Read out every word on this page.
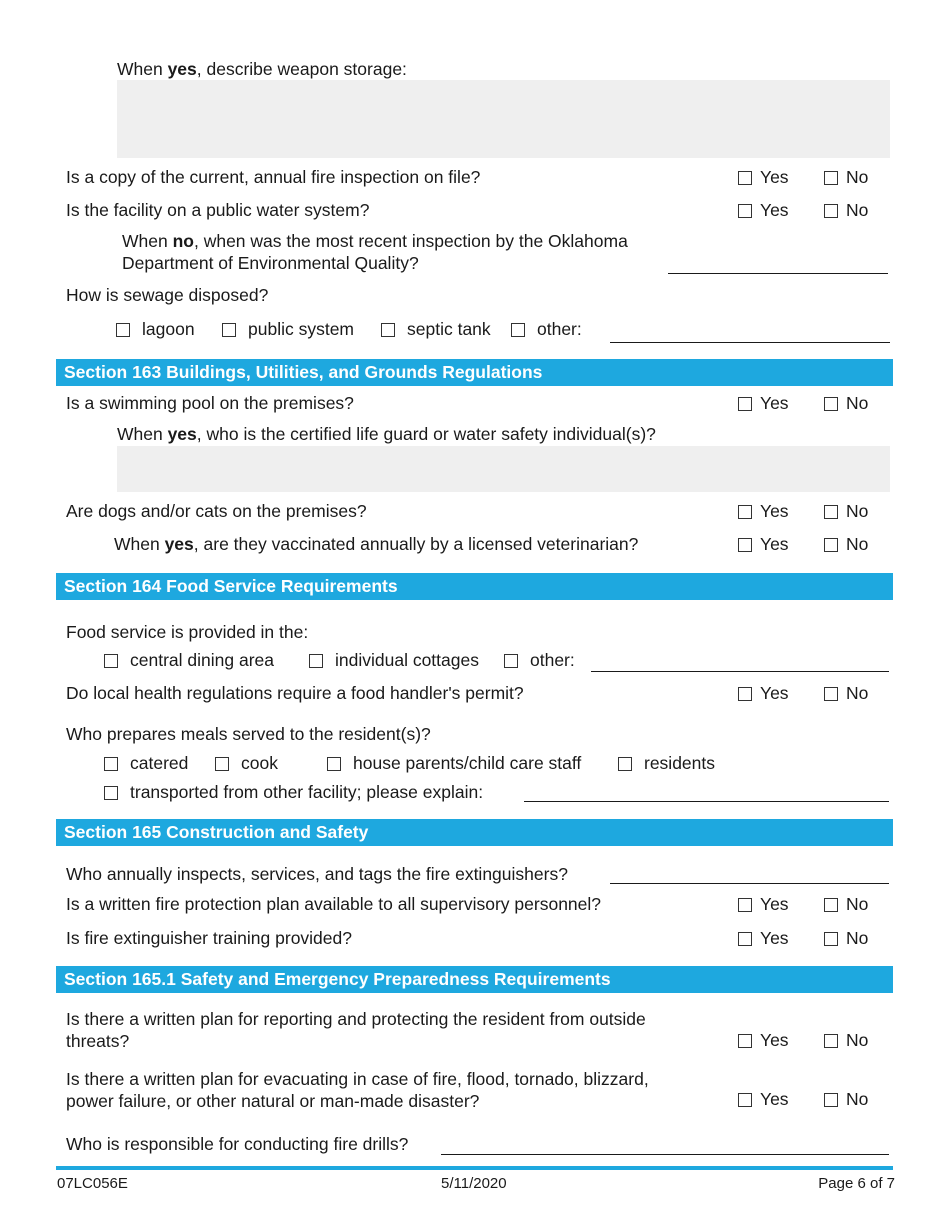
When yes, describe weapon storage:
Is a copy of the current, annual fire inspection on file?	Yes	No
Is the facility on a public water system?	Yes	No
When no, when was the most recent inspection by the Oklahoma
Department of Environmental Quality?
How is sewage disposed?
lagoon	public system	septic tank	other:
Section 163 Buildings, Utilities, and Grounds Regulations
Is a swimming pool on the premises?	Yes	No
When yes, who is the certified life guard or water safety individual(s)?
Are dogs and/or cats on the premises?	Yes	No
When yes, are they vaccinated annually by a licensed veterinarian?	Yes	No
Section 164 Food Service Requirements
Food service is provided in the:
central dining area	individual cottages	other:
Do local health regulations require a food handler's permit?	Yes	No
Who prepares meals served to the resident(s)?
catered	cook	house parents/child care staff	residents
transported from other facility; please explain:
Section 165 Construction and Safety
Who annually inspects, services, and tags the fire extinguishers?
Is a written fire protection plan available to all supervisory personnel?	Yes	No
Is fire extinguisher training provided?	Yes	No
Section 165.1 Safety and Emergency Preparedness Requirements
Is there a written plan for reporting and protecting the resident from outside
threats?	Yes	No
Is there a written plan for evacuating in case of fire, flood, tornado, blizzard,
power failure, or other natural or man-made disaster?	Yes	No
Who is responsible for conducting fire drills?
07LC056E	5/11/2020	Page 6 of 7
